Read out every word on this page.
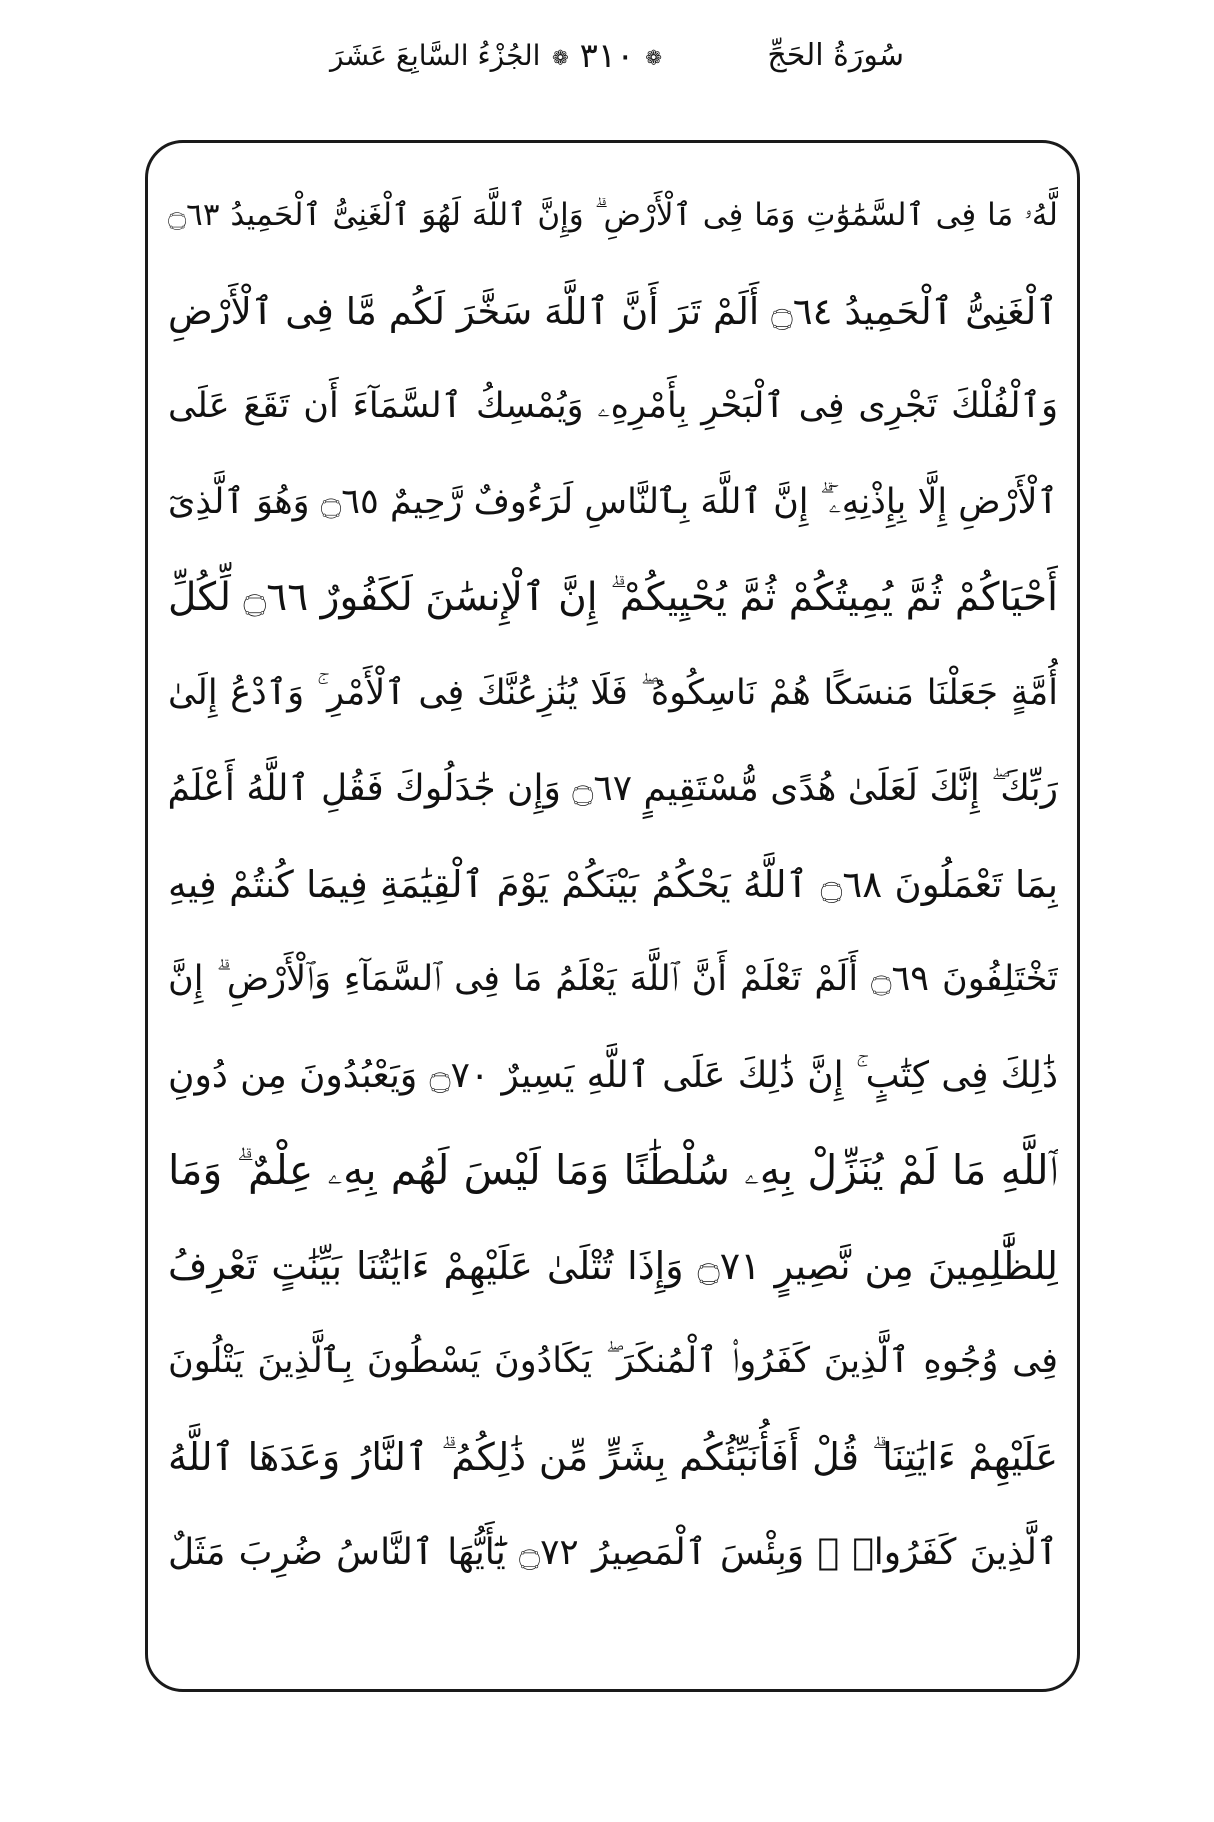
سُورَةُ الحَجِّ
❁ ٣١٠ ❁
الجُزْءُ السَّابِعَ عَشَرَ
لَّهُۥ مَا فِى ٱلسَّمَٰوَٰتِ وَمَا فِى ٱلْأَرْضِ ۗ وَإِنَّ ٱللَّهَ لَهُوَ ٱلْغَنِىُّ ٱلْحَمِيدُ ۝٦٣
ٱلْغَنِىُّ ٱلْحَمِيدُ ۝٦٤ أَلَمْ تَرَ أَنَّ ٱللَّهَ سَخَّرَ لَكُم مَّا فِى ٱلْأَرْضِ
وَٱلْفُلْكَ تَجْرِى فِى ٱلْبَحْرِ بِأَمْرِهِۦ وَيُمْسِكُ ٱلسَّمَآءَ أَن تَقَعَ عَلَى
ٱلْأَرْضِ إِلَّا بِإِذْنِهِۦٓ ۗ إِنَّ ٱللَّهَ بِٱلنَّاسِ لَرَءُوفٌ رَّحِيمٌ ۝٦٥ وَهُوَ ٱلَّذِىٓ
أَحْيَاكُمْ ثُمَّ يُمِيتُكُمْ ثُمَّ يُحْيِيكُمْ ۗ إِنَّ ٱلْإِنسَٰنَ لَكَفُورٌ ۝٦٦ لِّكُلِّ
أُمَّةٍ جَعَلْنَا مَنسَكًا هُمْ نَاسِكُوهُ ۖ فَلَا يُنَٰزِعُنَّكَ فِى ٱلْأَمْرِ ۚ وَٱدْعُ إِلَىٰ
رَبِّكَ ۖ إِنَّكَ لَعَلَىٰ هُدًى مُّسْتَقِيمٍ ۝٦٧ وَإِن جَٰدَلُوكَ فَقُلِ ٱللَّهُ أَعْلَمُ
بِمَا تَعْمَلُونَ ۝٦٨ ٱللَّهُ يَحْكُمُ بَيْنَكُمْ يَوْمَ ٱلْقِيَٰمَةِ فِيمَا كُنتُمْ فِيهِ
تَخْتَلِفُونَ ۝٦٩ أَلَمْ تَعْلَمْ أَنَّ ٱللَّهَ يَعْلَمُ مَا فِى ٱلسَّمَآءِ وَٱلْأَرْضِ ۗ إِنَّ
ذَٰلِكَ فِى كِتَٰبٍ ۚ إِنَّ ذَٰلِكَ عَلَى ٱللَّهِ يَسِيرٌ ۝٧٠ وَيَعْبُدُونَ مِن دُونِ
ٱللَّهِ مَا لَمْ يُنَزِّلْ بِهِۦ سُلْطَٰنًا وَمَا لَيْسَ لَهُم بِهِۦ عِلْمٌ ۗ وَمَا
لِلظَّٰلِمِينَ مِن نَّصِيرٍ ۝٧١ وَإِذَا تُتْلَىٰ عَلَيْهِمْ ءَايَٰتُنَا بَيِّنَٰتٍ تَعْرِفُ
فِى وُجُوهِ ٱلَّذِينَ كَفَرُوا۟ ٱلْمُنكَرَ ۖ يَكَادُونَ يَسْطُونَ بِٱلَّذِينَ يَتْلُونَ
عَلَيْهِمْ ءَايَٰتِنَا ۗ قُلْ أَفَأُنَبِّئُكُم بِشَرٍّ مِّن ذَٰلِكُمُ ۗ ٱلنَّارُ وَعَدَهَا ٱللَّهُ
ٱلَّذِينَ كَفَرُوا۟ ۖ وَبِئْسَ ٱلْمَصِيرُ ۝٧٢ يَٰٓأَيُّهَا ٱلنَّاسُ ضُرِبَ مَثَلٌ
